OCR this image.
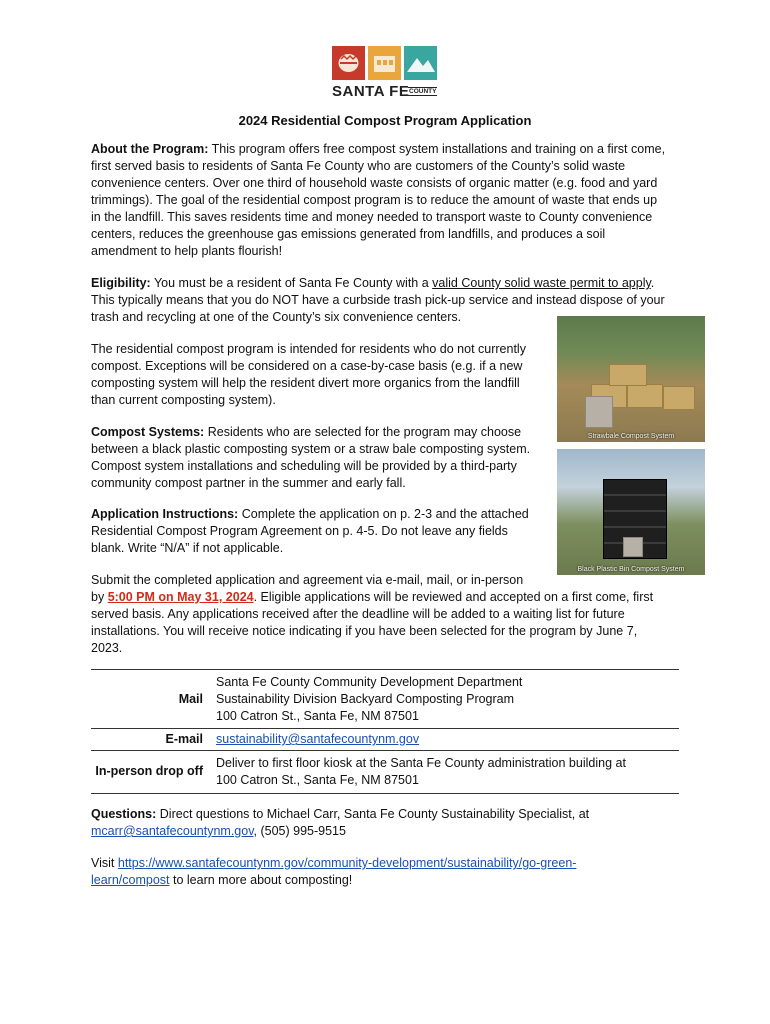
SANTA FE COUNTY
2024 Residential Compost Program Application
About the Program: This program offers free compost system installations and training on a first come,
first served basis to residents of Santa Fe County who are customers of the County’s solid waste
convenience centers. Over one third of household waste consists of organic matter (e.g. food and yard
trimmings). The goal of the residential compost program is to reduce the amount of waste that ends up
in the landfill. This saves residents time and money needed to transport waste to County convenience
centers, reduces the greenhouse gas emissions generated from landfills, and produces a soil
amendment to help plants flourish!
Eligibility: You must be a resident of Santa Fe County with a valid County solid waste permit to apply.
This typically means that you do NOT have a curbside trash pick-up service and instead dispose of your
trash and recycling at one of the County’s six convenience centers.
The residential compost program is intended for residents who do not currently
compost. Exceptions will be considered on a case-by-case basis (e.g. if a new
composting system will help the resident divert more organics from the landfill
than current composting system).
Compost Systems: Residents who are selected for the program may choose
between a black plastic composting system or a straw bale composting system.
Compost system installations and scheduling will be provided by a third-party
community compost partner in the summer and early fall.
Application Instructions: Complete the application on p. 2-3 and the attached
Residential Compost Program Agreement on p. 4-5. Do not leave any fields
blank. Write “N/A” if not applicable.
Submit the completed application and agreement via e-mail, mail, or in-person
by 5:00 PM on May 31, 2024. Eligible applications will be reviewed and accepted on a first come, first
served basis. Any applications received after the deadline will be added to a waiting list for future
installations. You will receive notice indicating if you have been selected for the program by June 7,
2023.
Strawbale Compost System
Black Plastic Bin Compost System
Mail
Santa Fe County Community Development Department
Sustainability Division Backyard Composting Program
100 Catron St., Santa Fe, NM 87501
E-mail sustainability@santafecountynm.gov
In-person drop off
Deliver to first floor kiosk at the Santa Fe County administration building at
100 Catron St., Santa Fe, NM 87501
Questions: Direct questions to Michael Carr, Santa Fe County Sustainability Specialist, at
mcarr@santafecountynm.gov, (505) 995-9515
Visit https://www.santafecountynm.gov/community-development/sustainability/go-green-
learn/compost to learn more about composting!
